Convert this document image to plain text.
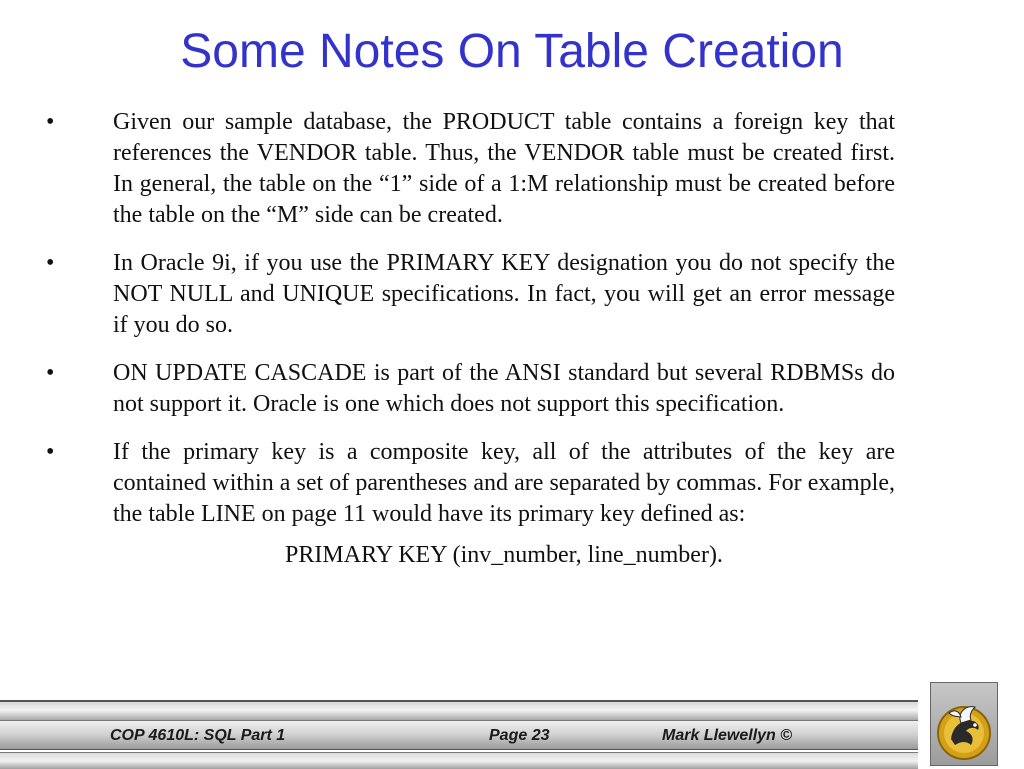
Some Notes On Table Creation
•	Given our sample database, the PRODUCT table contains a foreign key that references the VENDOR table. Thus, the VENDOR table must be created first. In general, the table on the “1” side of a 1:M relationship must be created before the table on the “M” side can be created.
•	In Oracle 9i, if you use the PRIMARY KEY designation you do not specify the NOT NULL and UNIQUE specifications. In fact, you will get an error message if you do so.
•	ON UPDATE CASCADE is part of the ANSI standard but several RDBMSs do not support it. Oracle is one which does not support this specification.
•	If the primary key is a composite key, all of the attributes of the key are contained within a set of parentheses and are separated by commas. For example, the table LINE on page 11 would have its primary key defined as:
PRIMARY KEY (inv_number, line_number).
COP 4610L: SQL Part 1	Page 23	Mark Llewellyn ©
